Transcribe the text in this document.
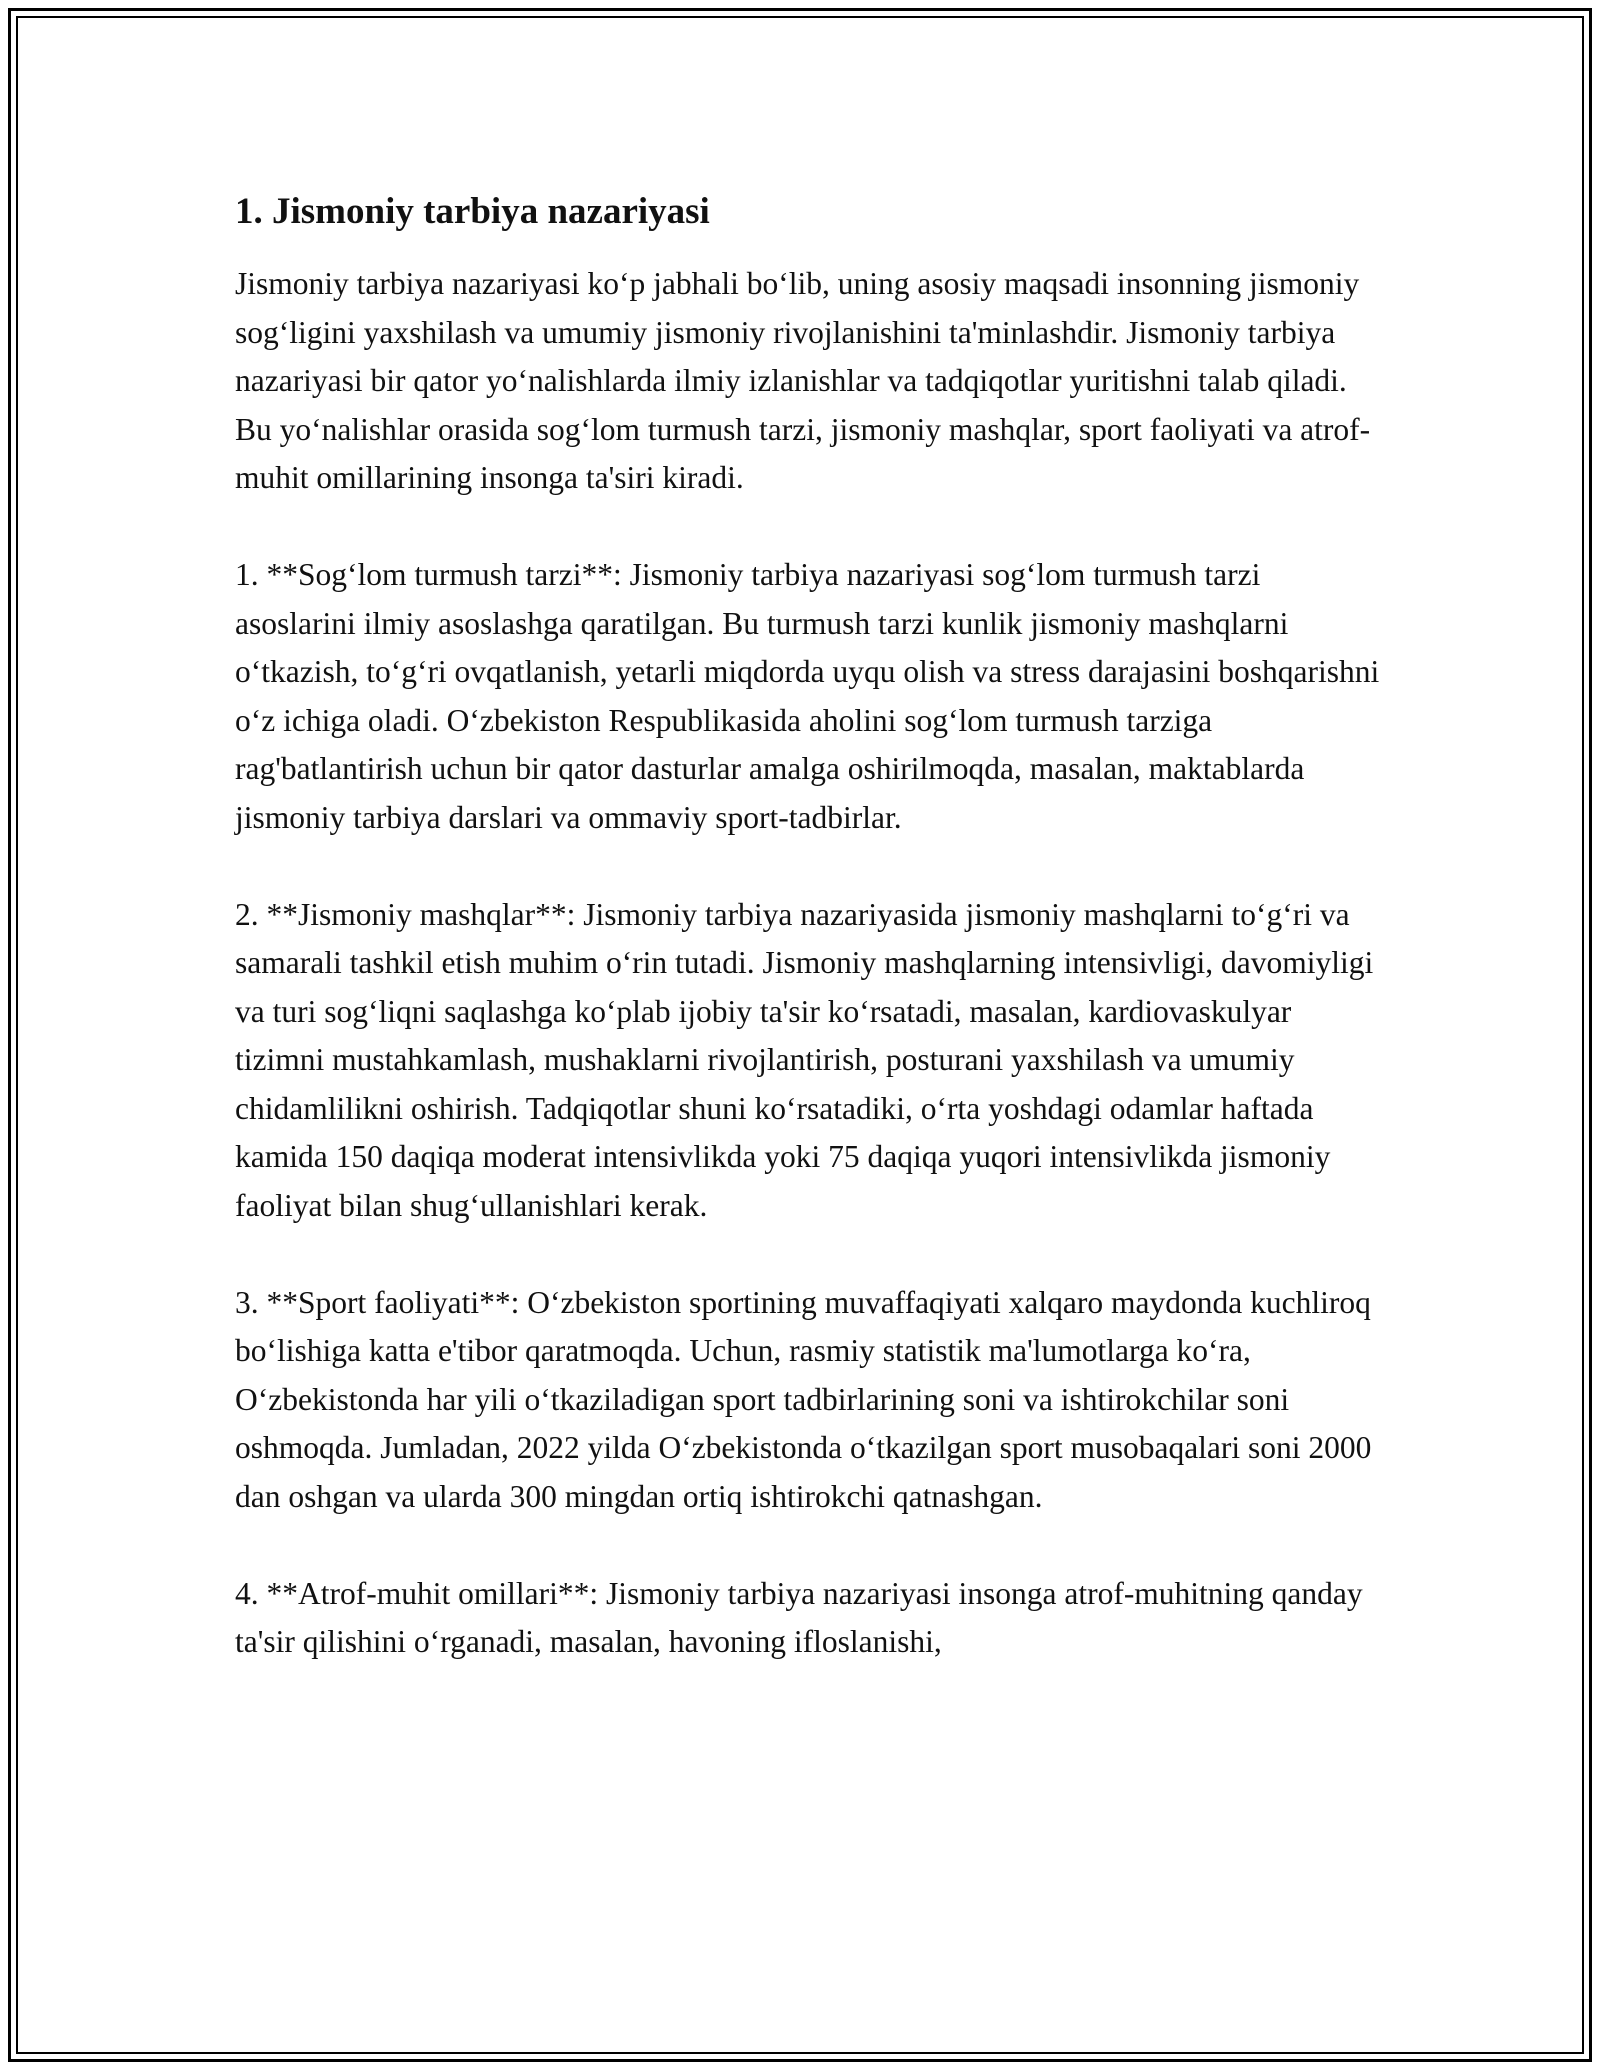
1. Jismoniy tarbiya nazariyasi

Jismoniy tarbiya nazariyasi ko‘p jabhali bo‘lib, uning asosiy maqsadi insonning jismoniy sog‘ligini yaxshilash va umumiy jismoniy rivojlanishini ta'minlashdir. Jismoniy tarbiya nazariyasi bir qator yo‘nalishlarda ilmiy izlanishlar va tadqiqotlar yuritishni talab qiladi. Bu yo‘nalishlar orasida sog‘lom turmush tarzi, jismoniy mashqlar, sport faoliyati va atrof-muhit omillarining insonga ta'siri kiradi.

1. **Sog‘lom turmush tarzi**: Jismoniy tarbiya nazariyasi sog‘lom turmush tarzi asoslarini ilmiy asoslashga qaratilgan. Bu turmush tarzi kunlik jismoniy mashqlarni o‘tkazish, to‘g‘ri ovqatlanish, yetarli miqdorda uyqu olish va stress darajasini boshqarishni o‘z ichiga oladi. O‘zbekiston Respublikasida aholini sog‘lom turmush tarziga rag'batlantirish uchun bir qator dasturlar amalga oshirilmoqda, masalan, maktablarda jismoniy tarbiya darslari va ommaviy sport-tadbirlar.

2. **Jismoniy mashqlar**: Jismoniy tarbiya nazariyasida jismoniy mashqlarni to‘g‘ri va samarali tashkil etish muhim o‘rin tutadi. Jismoniy mashqlarning intensivligi, davomiyligi va turi sog‘liqni saqlashga ko‘plab ijobiy ta'sir ko‘rsatadi, masalan, kardiovaskulyar tizimni mustahkamlash, mushaklarni rivojlantirish, posturani yaxshilash va umumiy chidamlilikni oshirish. Tadqiqotlar shuni ko‘rsatadiki, o‘rta yoshdagi odamlar haftada kamida 150 daqiqa moderat intensivlikda yoki 75 daqiqa yuqori intensivlikda jismoniy faoliyat bilan shug‘ullanishlari kerak.

3. **Sport faoliyati**: O‘zbekiston sportining muvaffaqiyati xalqaro maydonda kuchliroq bo‘lishiga katta e'tibor qaratmoqda. Uchun, rasmiy statistik ma'lumotlarga ko‘ra, O‘zbekistonda har yili o‘tkaziladigan sport tadbirlarining soni va ishtirokchilar soni oshmoqda. Jumladan, 2022 yilda O‘zbekistonda o‘tkazilgan sport musobaqalari soni 2000 dan oshgan va ularda 300 mingdan ortiq ishtirokchi qatnashgan.

4. **Atrof-muhit omillari**: Jismoniy tarbiya nazariyasi insonga atrof-muhitning qanday ta'sir qilishini o‘rganadi, masalan, havoning ifloslanishi,
